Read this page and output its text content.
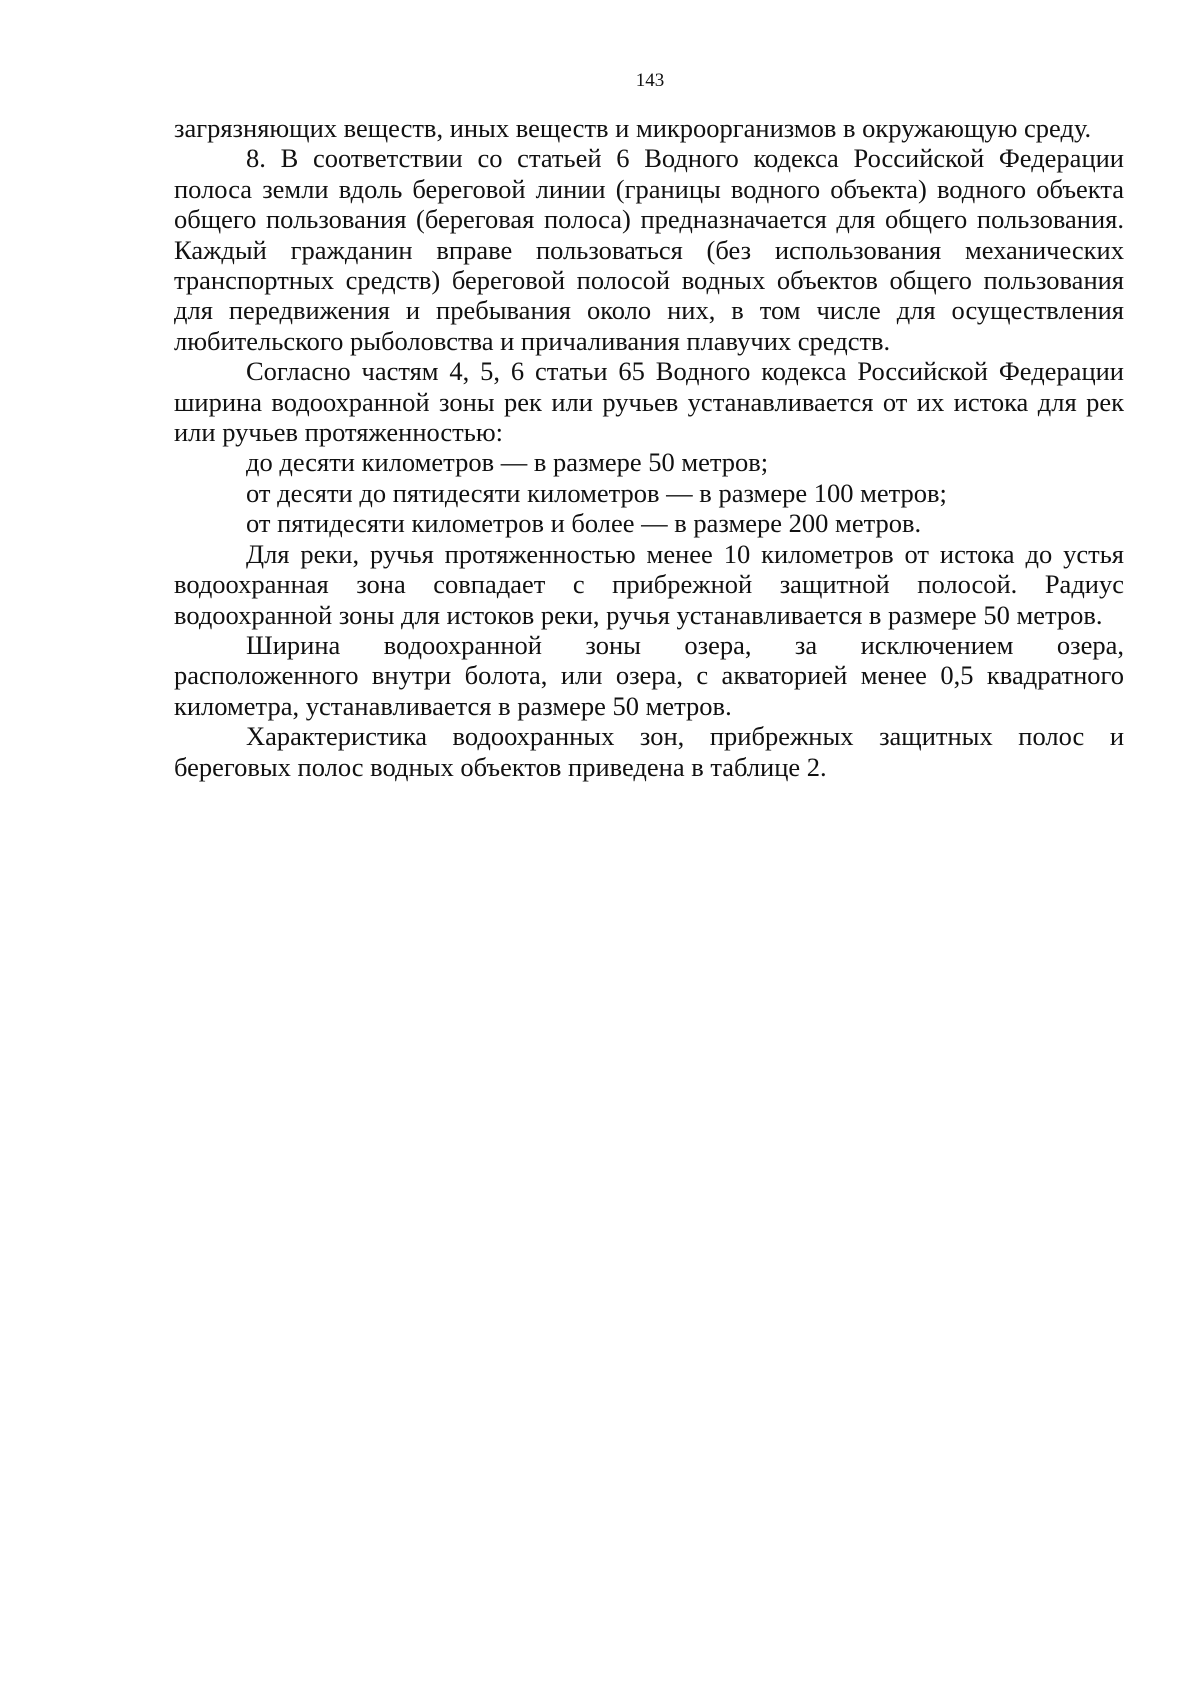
143

загрязняющих веществ, иных веществ и микроорганизмов в окружающую среду.

8. В соответствии со статьей 6 Водного кодекса Российской Федерации полоса земли вдоль береговой линии (границы водного объекта) водного объекта общего пользования (береговая полоса) предназначается для общего пользования. Каждый гражданин вправе пользоваться (без использования механических транспортных средств) береговой полосой водных объектов общего пользования для передвижения и пребывания около них, в том числе для осуществления любительского рыболовства и причаливания плавучих средств.

Согласно частям 4, 5, 6 статьи 65 Водного кодекса Российской Федерации ширина водоохранной зоны рек или ручьев устанавливается от их истока для рек или ручьев протяженностью:

до десяти километров — в размере 50 метров;

от десяти до пятидесяти километров — в размере 100 метров;

от пятидесяти километров и более — в размере 200 метров.

Для реки, ручья протяженностью менее 10 километров от истока до устья водоохранная зона совпадает с прибрежной защитной полосой. Радиус водоохранной зоны для истоков реки, ручья устанавливается в размере 50 метров.

Ширина водоохранной зоны озера, за исключением озера,

расположенного внутри болота, или озера, с акваторией менее 0,5 квадратного километра, устанавливается в размере 50 метров.

Характеристика водоохранных зон, прибрежных защитных полос и береговых полос водных объектов приведена в таблице 2.
